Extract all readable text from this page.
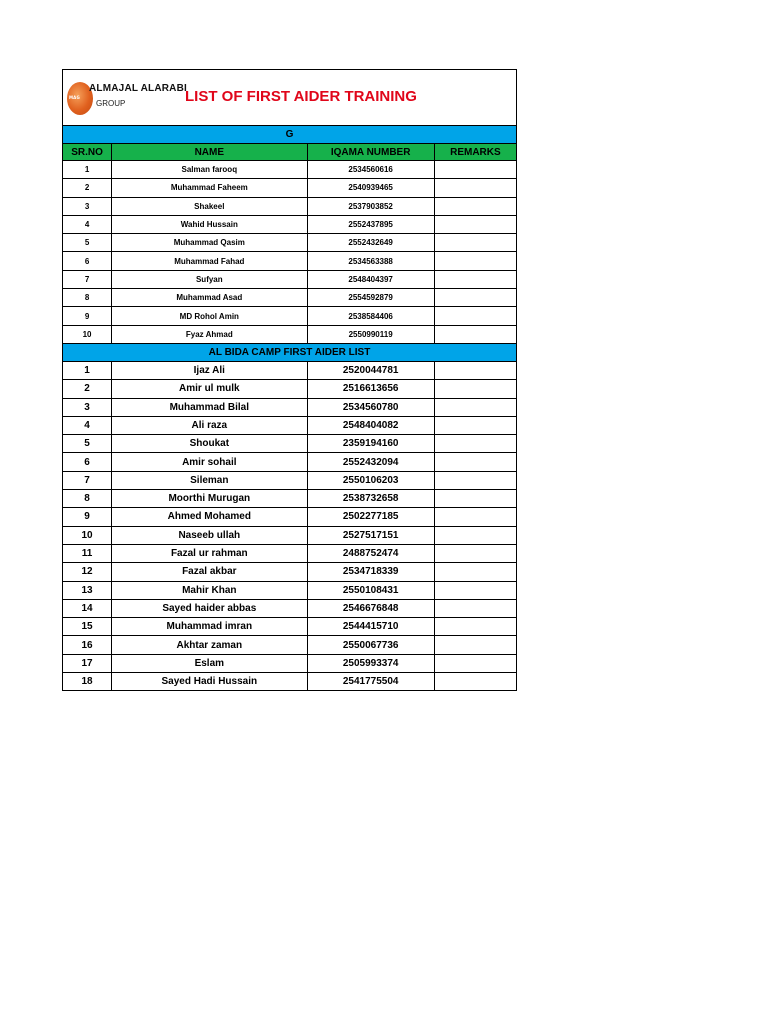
MAG
ALMAJAL ALARABI
GROUP LIST OF FIRST AIDER TRAINING			

G			
SR.NO	NAME	IQAMA NUMBER	REMARKS
1	Salman farooq	2534560616	
2	Muhammad Faheem	2540939465	
3	Shakeel	2537903852	
4	Wahid Hussain	2552437895	
5	Muhammad Qasim	2552432649	
6	Muhammad Fahad	2534563388	
7	Sufyan	2548404397	
8	Muhammad Asad	2554592879	
9	MD Rohol Amin	2538584406	
10	Fyaz Ahmad	2550990119	
AL BIDA CAMP FIRST AIDER LIST			
1	Ijaz Ali	2520044781	
2	Amir ul mulk	2516613656	
3	Muhammad Bilal	2534560780	
4	Ali raza	2548404082	
5	Shoukat	2359194160	
6	Amir sohail	2552432094	
7	Sileman	2550106203	
8	Moorthi Murugan	2538732658	
9	Ahmed Mohamed	2502277185	
10	Naseeb ullah	2527517151	
11	Fazal ur rahman	2488752474	
12	Fazal akbar	2534718339	
13	Mahir Khan	2550108431	
14	Sayed haider abbas	2546676848	
15	Muhammad imran	2544415710	
16	Akhtar zaman	2550067736	
17	Eslam	2505993374	
18	Sayed Hadi Hussain	2541775504	
